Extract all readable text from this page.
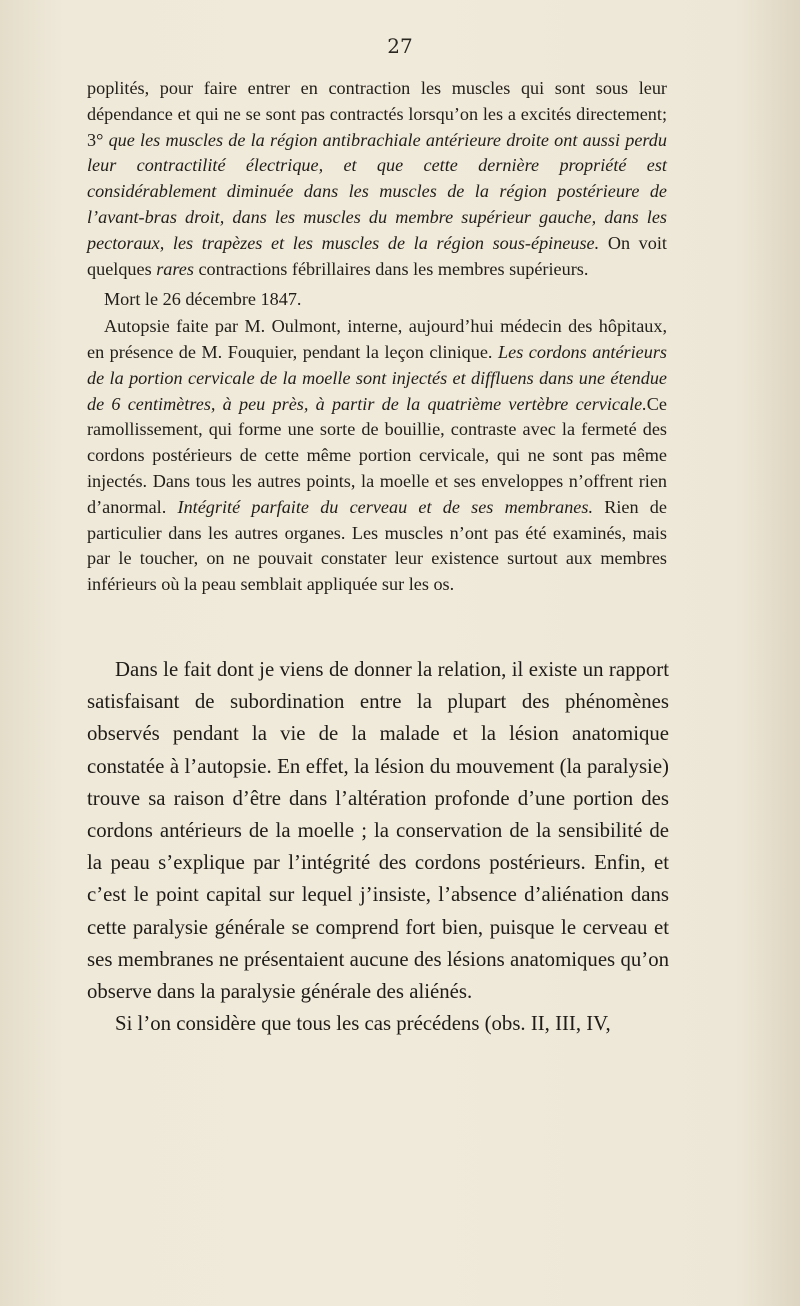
27

poplités, pour faire entrer en contraction les muscles qui sont sous leur dépendance et qui ne se sont pas contractés lorsqu’on les a excités directement; 3° que les muscles de la région antibrachiale antérieure droite ont aussi perdu leur contractilité électrique, et que cette dernière propriété est considérablement diminuée dans les muscles de la région postérieure de l’avant-bras droit, dans les muscles du membre supérieur gauche, dans les pectoraux, les trapèzes et les muscles de la région sous-épineuse. On voit quelques rares contractions fébrillaires dans les membres supérieurs.

Mort le 26 décembre 1847.

Autopsie faite par M. Oulmont, interne, aujourd’hui médecin des hôpitaux, en présence de M. Fouquier, pendant la leçon clinique. Les cordons antérieurs de la portion cervicale de la moelle sont injectés et diffluens dans une étendue de 6 centimètres, à peu près, à partir de la quatrième vertèbre cervicale.Ce ramollissement, qui forme une sorte de bouillie, contraste avec la fermeté des cordons postérieurs de cette même portion cervicale, qui ne sont pas même injectés. Dans tous les autres points, la moelle et ses enveloppes n’offrent rien d’anormal. Intégrité parfaite du cerveau et de ses membranes. Rien de particulier dans les autres organes. Les muscles n’ont pas été examinés, mais par le toucher, on ne pouvait constater leur existence surtout aux membres inférieurs où la peau semblait appliquée sur les os.

Dans le fait dont je viens de donner la relation, il existe un rapport satisfaisant de subordination entre la plupart des phénomènes observés pendant la vie de la malade et la lésion anatomique constatée à l’autopsie. En effet, la lésion du mouvement (la paralysie) trouve sa raison d’être dans l’altération profonde d’une portion des cordons antérieurs de la moelle ; la conservation de la sensibilité de la peau s’explique par l’intégrité des cordons postérieurs. Enfin, et c’est le point capital sur lequel j’insiste, l’absence d’aliénation dans cette paralysie générale se comprend fort bien, puisque le cerveau et ses membranes ne présentaient aucune des lésions anatomiques qu’on observe dans la paralysie générale des aliénés.

Si l’on considère que tous les cas précédens (obs. II, III, IV,
